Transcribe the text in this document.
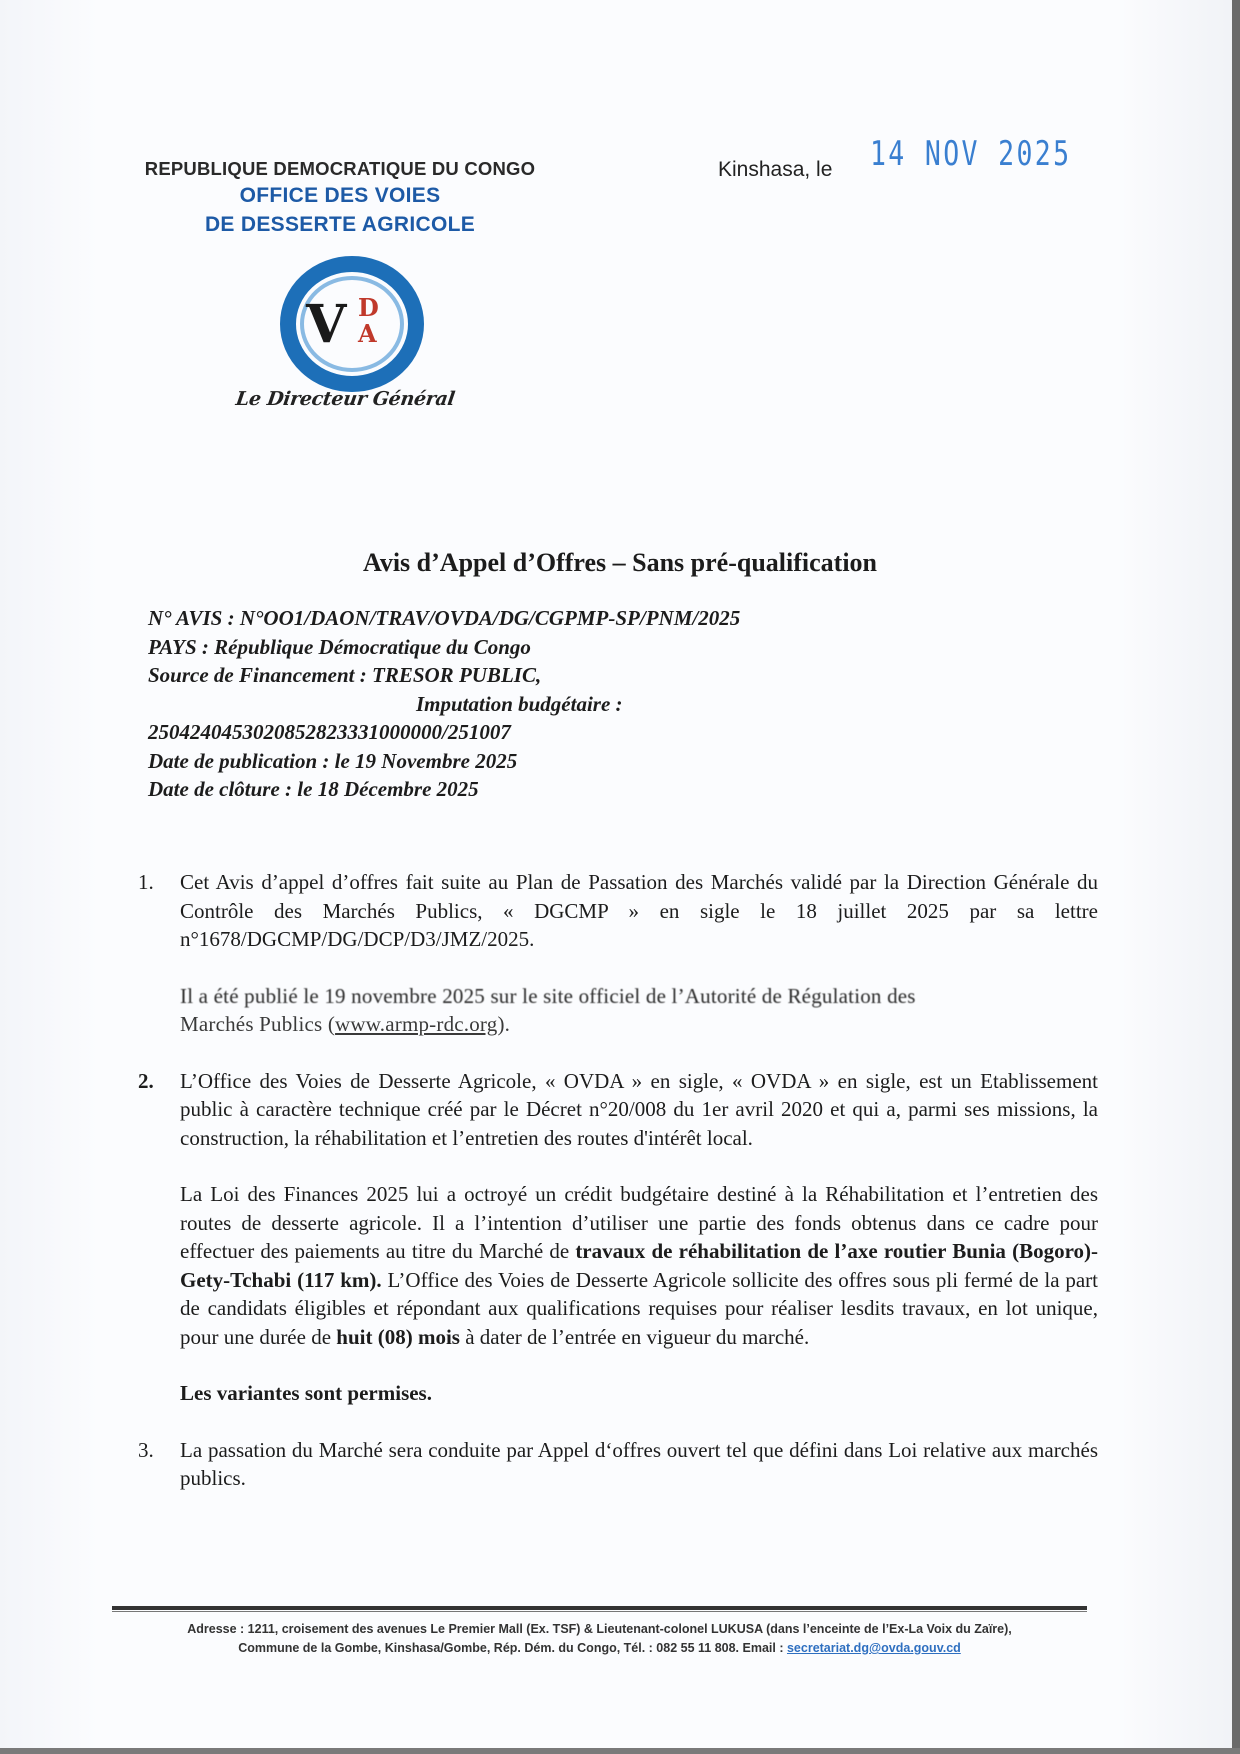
REPUBLIQUE DEMOCRATIQUE DU CONGO
OFFICE DES VOIES
DE DESSERTE AGRICOLE
V D
A
Le Directeur Général
Kinshasa, le 14 NOV 2025
Avis d’Appel d’Offres – Sans pré-qualification
N° AVIS : N°OO1/DAON/TRAV/OVDA/DG/CGPMP-SP/PNM/2025
PAYS : République Démocratique du Congo
Source de Financement : TRESOR PUBLIC,
Imputation budgétaire :
2504240453020852823331000000/251007
Date de publication : le 19 Novembre 2025
Date de clôture : le 18 Décembre 2025
1. Cet Avis d’appel d’offres fait suite au Plan de Passation des Marchés validé par la Direction Générale du Contrôle des Marchés Publics, « DGCMP » en sigle le 18 juillet 2025 par sa lettre n°1678/DGCMP/DG/DCP/D3/JMZ/2025.

Il a été publié le 19 novembre 2025 sur le site officiel de l’Autorité de Régulation des
Marchés Publics (www.armp-rdc.org).

2. L’Office des Voies de Desserte Agricole, « OVDA » en sigle, « OVDA » en sigle, est un Etablissement public à caractère technique créé par le Décret n°20/008 du 1er avril 2020 et qui a, parmi ses missions, la construction, la réhabilitation et l’entretien des routes d'intérêt local.

La Loi des Finances 2025 lui a octroyé un crédit budgétaire destiné à la Réhabilitation et l’entretien des routes de desserte agricole. Il a l’intention d’utiliser une partie des fonds obtenus dans ce cadre pour effectuer des paiements au titre du Marché de travaux de réhabilitation de l’axe routier Bunia (Bogoro)-Gety-Tchabi (117 km). L’Office des Voies de Desserte Agricole sollicite des offres sous pli fermé de la part de candidats éligibles et répondant aux qualifications requises pour réaliser lesdits travaux, en lot unique, pour une durée de huit (08) mois à dater de l’entrée en vigueur du marché.

Les variantes sont permises.

3. La passation du Marché sera conduite par Appel d‘offres ouvert tel que défini dans Loi relative aux marchés publics.

Adresse : 1211, croisement des avenues Le Premier Mall (Ex. TSF) & Lieutenant-colonel LUKUSA (dans l’enceinte de l’Ex-La Voix du Zaïre),
Commune de la Gombe, Kinshasa/Gombe, Rép. Dém. du Congo, Tél. : 082 55 11 808. Email : secretariat.dg@ovda.gouv.cd
